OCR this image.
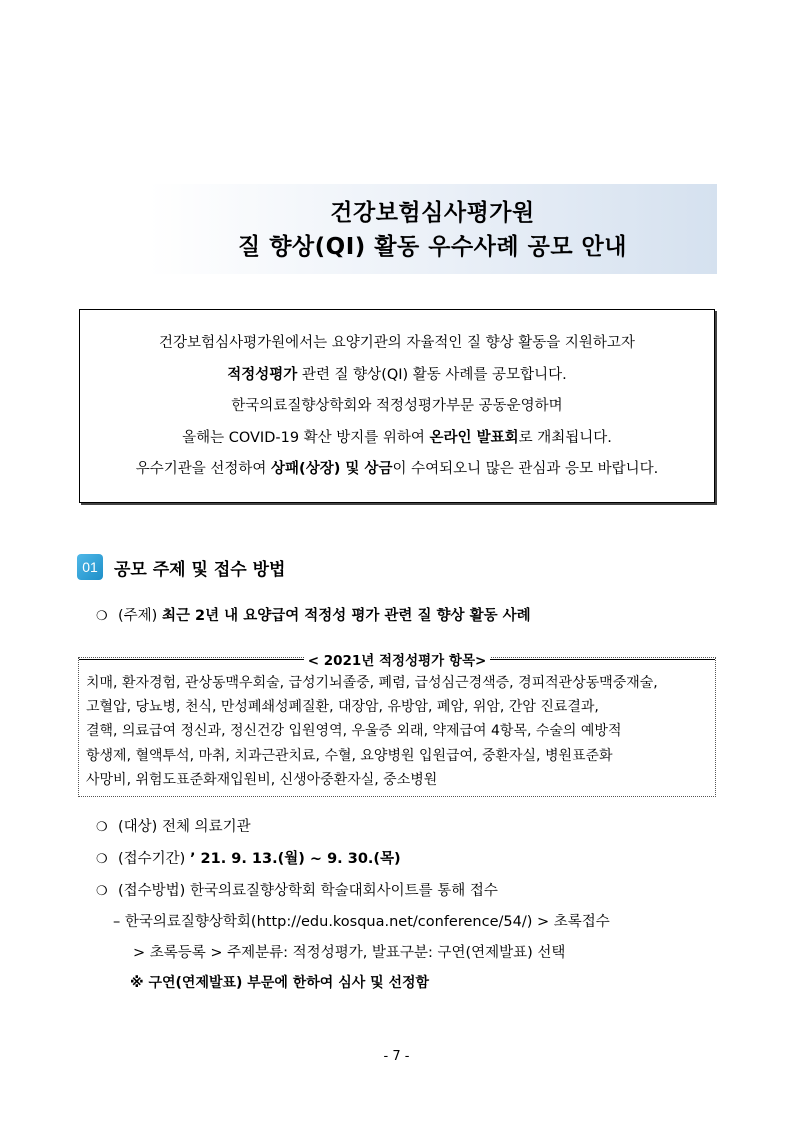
건강보험심사평가원
질 향상(QI) 활동 우수사례 공모 안내
건강보험심사평가원에서는 요양기관의 자율적인 질 향상 활동을 지원하고자
적정성평가 관련 질 향상(QI) 활동 사례를 공모합니다.
한국의료질향상학회와 적정성평가부문 공동운영하며
올해는 COVID-19 확산 방지를 위하여 온라인 발표회로 개최됩니다.
우수기관을 선정하여 상패(상장) 및 상금이 수여되오니 많은 관심과 응모 바랍니다.
01 공모 주제 및 접수 방법
❍ (주제) 최근 2년 내 요양급여 적정성 평가 관련 질 향상 활동 사례
< 2021년 적정성평가 항목>
치매, 환자경험, 관상동맥우회술, 급성기뇌졸중, 폐렴, 급성심근경색증, 경피적관상동맥중재술,
고혈압, 당뇨병, 천식, 만성폐쇄성폐질환, 대장암, 유방암, 폐암, 위암, 간암 진료결과,
결핵, 의료급여 정신과, 정신건강 입원영역, 우울증 외래, 약제급여 4항목, 수술의 예방적
항생제, 혈액투석, 마취, 치과근관치료, 수혈, 요양병원 입원급여, 중환자실, 병원표준화
사망비, 위험도표준화재입원비, 신생아중환자실, 중소병원
❍ (대상) 전체 의료기관
❍ (접수기간) ’ 21. 9. 13.(월) ~ 9. 30.(목)
❍ (접수방법) 한국의료질향상학회 학술대회사이트를 통해 접수
– 한국의료질향상학회(http://edu.kosqua.net/conference/54/) > 초록접수
> 초록등록 > 주제분류: 적정성평가, 발표구분: 구연(연제발표) 선택
※ 구연(연제발표) 부문에 한하여 심사 및 선정함
- 7 -
